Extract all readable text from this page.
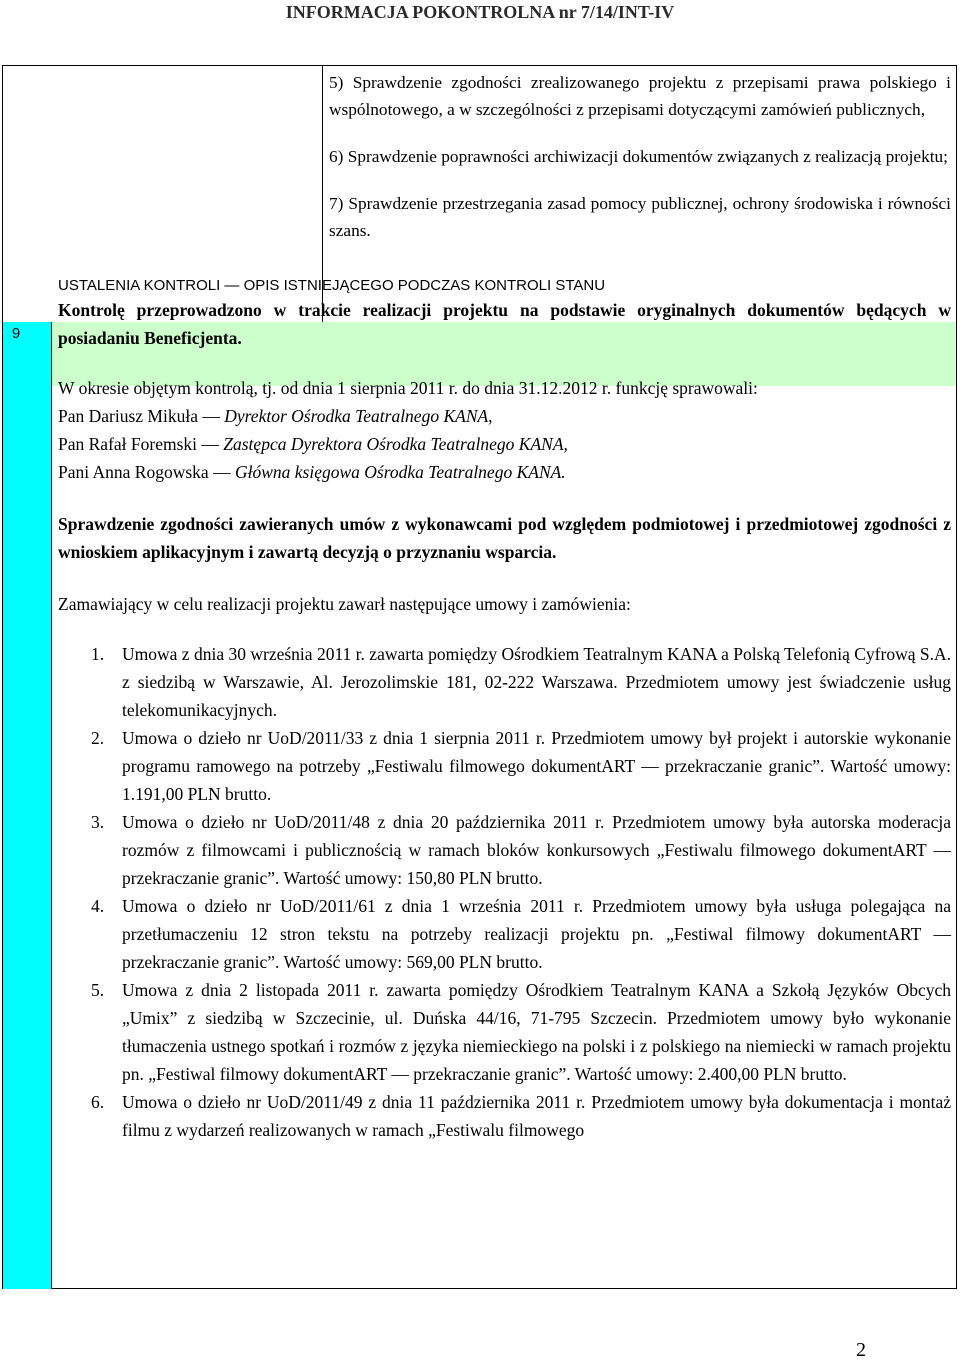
INFORMACJA POKONTROLNA nr 7/14/INT-IV

5) Sprawdzenie zgodności zrealizowanego projektu z przepisami prawa polskiego i wspólnotowego, a w szczególności z przepisami dotyczącymi zamówień publicznych,

6) Sprawdzenie poprawności archiwizacji dokumentów związanych z realizacją projektu;

7) Sprawdzenie przestrzegania zasad pomocy publicznej, ochrony środowiska i równości szans.

9
USTALENIA KONTROLI — OPIS ISTNIEJĄCEGO PODCZAS KONTROLI STANU

Kontrolę przeprowadzono w trakcie realizacji projektu na podstawie oryginalnych dokumentów będących w posiadaniu Beneficjenta.

W okresie objętym kontrolą, tj. od dnia 1 sierpnia 2011 r. do dnia 31.12.2012 r. funkcję sprawowali:

Pan Dariusz Mikuła — Dyrektor Ośrodka Teatralnego KANA,

Pan Rafał Foremski — Zastępca Dyrektora Ośrodka Teatralnego KANA,

Pani Anna Rogowska — Główna księgowa Ośrodka Teatralnego KANA.

Sprawdzenie zgodności zawieranych umów z wykonawcami pod względem podmiotowej i przedmiotowej zgodności z wnioskiem aplikacyjnym i zawartą decyzją o przyznaniu wsparcia.

Zamawiający w celu realizacji projektu zawarł następujące umowy i zamówienia:

1. Umowa z dnia 30 września 2011 r. zawarta pomiędzy Ośrodkiem Teatralnym KANA a Polską Telefonią Cyfrową S.A. z siedzibą w Warszawie, Al. Jerozolimskie 181, 02-222 Warszawa. Przedmiotem umowy jest świadczenie usług telekomunikacyjnych.
2. Umowa o dzieło nr UoD/2011/33 z dnia 1 sierpnia 2011 r. Przedmiotem umowy był projekt i autorskie wykonanie programu ramowego na potrzeby „Festiwalu filmowego dokumentART — przekraczanie granic”. Wartość umowy: 1.191,00 PLN brutto.
3. Umowa o dzieło nr UoD/2011/48 z dnia 20 października 2011 r. Przedmiotem umowy była autorska moderacja rozmów z filmowcami i publicznością w ramach bloków konkursowych „Festiwalu filmowego dokumentART — przekraczanie granic”. Wartość umowy: 150,80 PLN brutto.
4. Umowa o dzieło nr UoD/2011/61 z dnia 1 września 2011 r. Przedmiotem umowy była usługa polegająca na przetłumaczeniu 12 stron tekstu na potrzeby realizacji projektu pn. „Festiwal filmowy dokumentART — przekraczanie granic”. Wartość umowy: 569,00 PLN brutto.
5. Umowa z dnia 2 listopada 2011 r. zawarta pomiędzy Ośrodkiem Teatralnym KANA a Szkołą Języków Obcych „Umix” z siedzibą w Szczecinie, ul. Duńska 44/16, 71-795 Szczecin. Przedmiotem umowy było wykonanie tłumaczenia ustnego spotkań i rozmów z języka niemieckiego na polski i z polskiego na niemiecki w ramach projektu pn. „Festiwal filmowy dokumentART — przekraczanie granic”. Wartość umowy: 2.400,00 PLN brutto.
6. Umowa o dzieło nr UoD/2011/49 z dnia 11 października 2011 r. Przedmiotem umowy była dokumentacja i montaż filmu z wydarzeń realizowanych w ramach „Festiwalu filmowego
2
